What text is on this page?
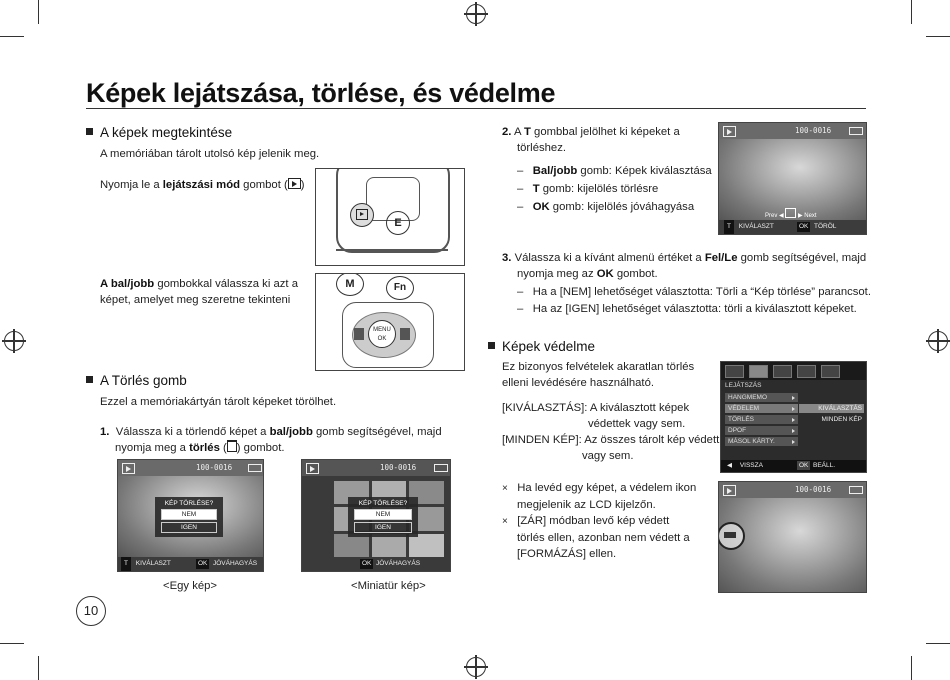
Képek lejátszása, törlése, és védelme
A képek megtekintése
A memóriában tárolt utolsó kép jelenik meg.
Nyomja le a lejátszási mód gombot ( )
E
A bal/jobb gombokkal válassza ki azt a
képet, amelyet meg szeretne tekinteni
M	Fn
MENU
OK
A Törlés gomb
Ezzel a memóriakártyán tárolt képeket törölhet.
1. Válassza ki a törlendő képet a bal/jobb gomb segítségével, majd
nyomja meg a törlés ( ) gombot.
100-0016
KÉP TÖRLÉSE?
NEM
IGEN
T KIVÁLASZT	OK JÓVÁHAGYÁS
100-0016
KÉP TÖRLÉSE?
NEM
IGEN
OK JÓVÁHAGYÁS
<Egy kép>	<Miniatür kép>
10
2. A T gombbal jelölhet ki képeket a
törléshez.
– Bal/jobb gomb: Képek kiválasztása
– T gomb: kijelölés törlésre
– OK gomb: kijelölés jóváhagyása
100-0016
Prev ◀  ▶ Next
T KIVÁLASZT	OK TÖRÖL
3. Válassza ki a kívánt almenü értéket a Fel/Le gomb segítségével, majd
nyomja meg az OK gombot.
– Ha a [NEM] lehetőséget választotta: Törli a “Kép törlése” parancsot.
– Ha az [IGEN] lehetőséget választotta: törli a kiválasztott képeket.
Képek védelme
Ez bizonyos felvételek akaratlan törlés
elleni levédésére használható.
[KIVÁLASZTÁS]: A kiválasztott képek
védettek vagy sem.
[MINDEN KÉP]: Az összes tárolt kép védett
vagy sem.
LEJÁTSZÁS
HANGMEMO
VÉDELEM
TÖRLÉS
DPOF
MÁSOL KÁRTY.
KIVÁLASZTÁS
MINDEN KÉP
◀ VISSZA	OK BEÁLL.
× Ha levéd egy képet, a védelem ikon
megjelenik az LCD kijelzőn.
× [ZÁR] módban levő kép védett
törlés ellen, azonban nem védett a
[FORMÁZÁS] ellen.
100-0016
